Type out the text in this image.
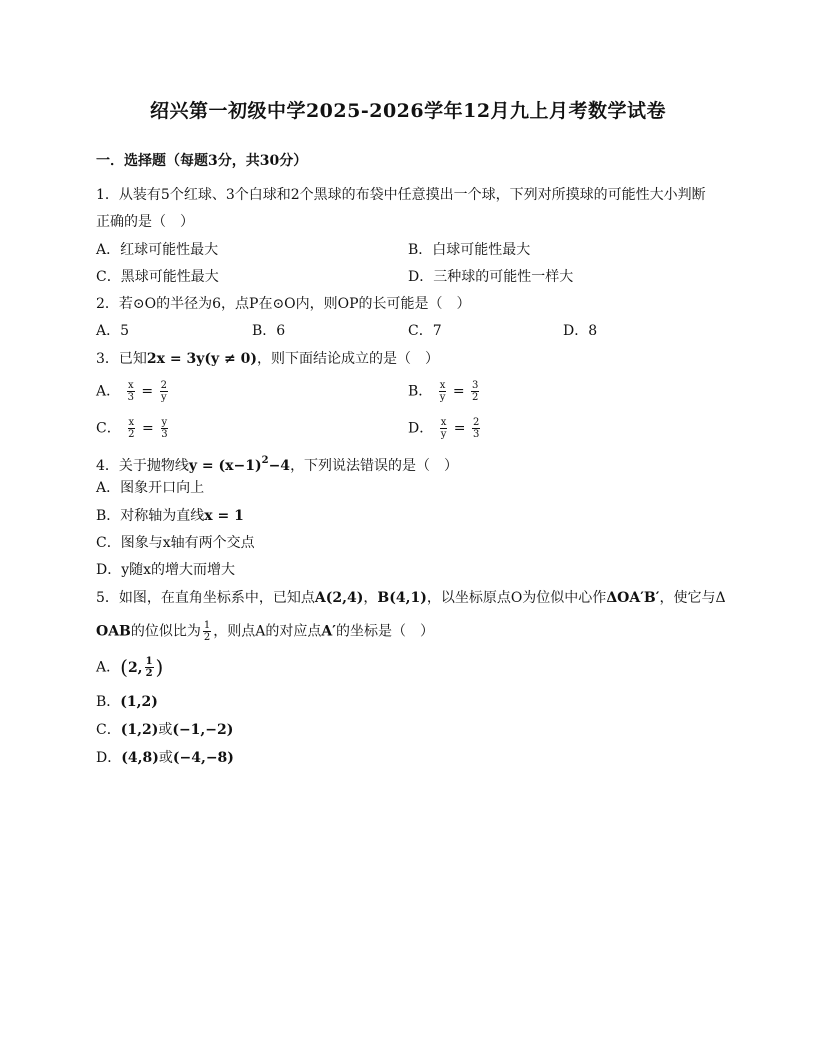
绍兴第一初级中学2025-2026学年12月九上月考数学试卷
一．选择题（每题3分，共30分）
1．从装有5个红球、3个白球和2个黑球的布袋中任意摸出一个球，下列对所摸球的可能性大小判断
正确的是（　）
A．红球可能性最大	B．白球可能性最大
C．黑球可能性最大	D．三种球的可能性一样大
2．若⊙O的半径为6，点P在⊙O内，则OP的长可能是（　）
A．5	B．6	C．7	D．8
3．已知2x = 3y(y ≠ 0)，则下面结论成立的是（　）
A． $\frac{x}{3} = \frac{2}{y}$	B． $\frac{x}{y} = \frac{3}{2}$
C． $\frac{x}{2} = \frac{y}{3}$	D． $\frac{x}{y} = \frac{2}{3}$
4．关于抛物线$y = (x-1)^2-4$，下列说法错误的是（　）
A．图象开口向上
B．对称轴为直线x = 1
C．图象与x轴有两个交点
D．y随x的增大而增大
5．如图，在直角坐标系中，已知点A(2,4)，B(4,1)，以坐标原点O为位似中心作ΔOA′B′，使它与Δ
OAB的位似比为 $\frac{1}{2}$ ，则点A的对应点A′的坐标是（　）
A．(2, $\frac{1}{2}$ )
B．(1,2)
C．(1,2)或(−1,−2)
D．(4,8)或(−4,−8)
